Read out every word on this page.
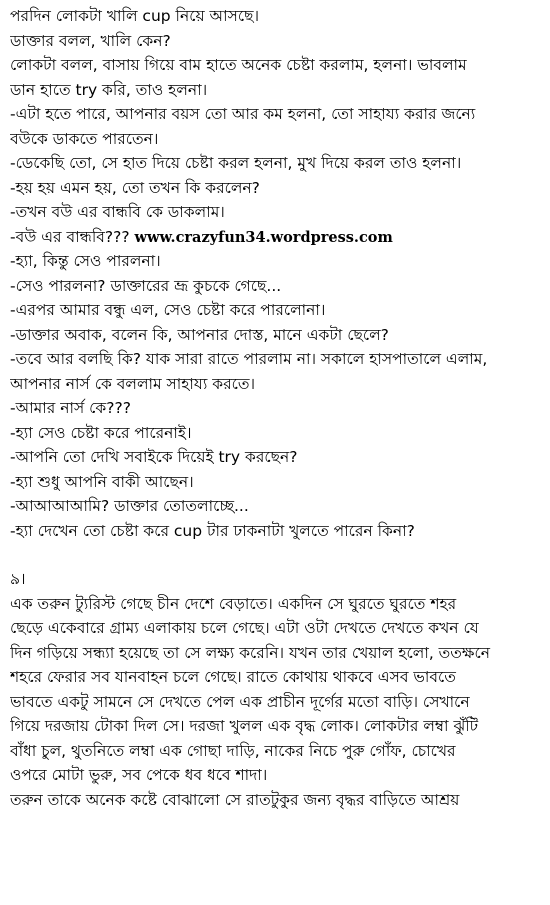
পরদিন লোকটা খালি cup নিয়ে আসছে।

ডাক্তার বলল, খালি কেন?

লোকটা বলল, বাসায় গিয়ে বাম হাতে অনেক চেষ্টা করলাম, হলনা। ভাবলাম

ডান হাতে try করি, তাও হলনা।

-এটা হতে পারে, আপনার বয়স তো আর কম হলনা, তো সাহায্য করার জন্যে

বউকে ডাকতে পারতেন।

-ডেকেছি তো, সে হাত দিয়ে চেষ্টা করল হলনা, মুখ দিয়ে করল তাও হলনা।

-হয় হয় এমন হয়, তো তখন কি করলেন?

-তখন বউ এর বান্ধবি কে ডাকলাম।

-বউ এর বান্ধবি??? www.crazyfun34.wordpress.com

-হ্যা, কিন্তু সেও পারলনা।

-সেও পারলনা? ডাক্তারের ভ্রূ কুচকে গেছে...

-এরপর আমার বন্ধু এল, সেও চেষ্টা করে পারলোনা।

-ডাক্তার অবাক, বলেন কি, আপনার দোস্ত, মানে একটা ছেলে?

-তবে আর বলছি কি? যাক সারা রাতে পারলাম না। সকালে হাসপাতালে এলাম,

আপনার নার্স কে বললাম সাহায্য করতে।

-আমার নার্স কে???

-হ্যা সেও চেষ্টা করে পারেনাই।

-আপনি তো দেখি সবাইকে দিয়েই try করছেন?

-হ্যা শুধু আপনি বাকী আছেন।

-আআআআমি? ডাক্তার তোতলাচ্ছে...

-হ্যা দেখেন তো চেষ্টা করে cup টার ঢাকনাটা খুলতে পারেন কিনা?

৯।

এক তরুন ট্যুরিস্ট গেছে চীন দেশে বেড়াতে। একদিন সে ঘুরতে ঘুরতে শহর

ছেড়ে একেবারে গ্রাম্য এলাকায় চলে গেছে। এটা ওটা দেখতে দেখতে কখন যে

দিন গড়িয়ে সন্ধ্যা হয়েছে তা সে লক্ষ্য করেনি। যখন তার খেয়াল হলো, ততক্ষনে

শহরে ফেরার সব যানবাহন চলে গেছে। রাতে কোথায় থাকবে এসব ভাবতে

ভাবতে একটু সামনে সে দেখতে পেল এক প্রাচীন দূর্গের মতো বাড়ি। সেখানে

গিয়ে দরজায় টোকা দিল সে। দরজা খুলল এক বৃদ্ধ লোক। লোকটার লম্বা ঝুঁটি

বাঁধা চুল, থুতনিতে লম্বা এক গোছা দাড়ি, নাকের নিচে পুরু গোঁফ, চোখের

ওপরে মোটা ভুরু, সব পেকে ধব ধবে শাদা।

তরুন তাকে অনেক কষ্টে বোঝালো সে রাতটুকুর জন্য বৃদ্ধর বাড়িতে আশ্রয়
